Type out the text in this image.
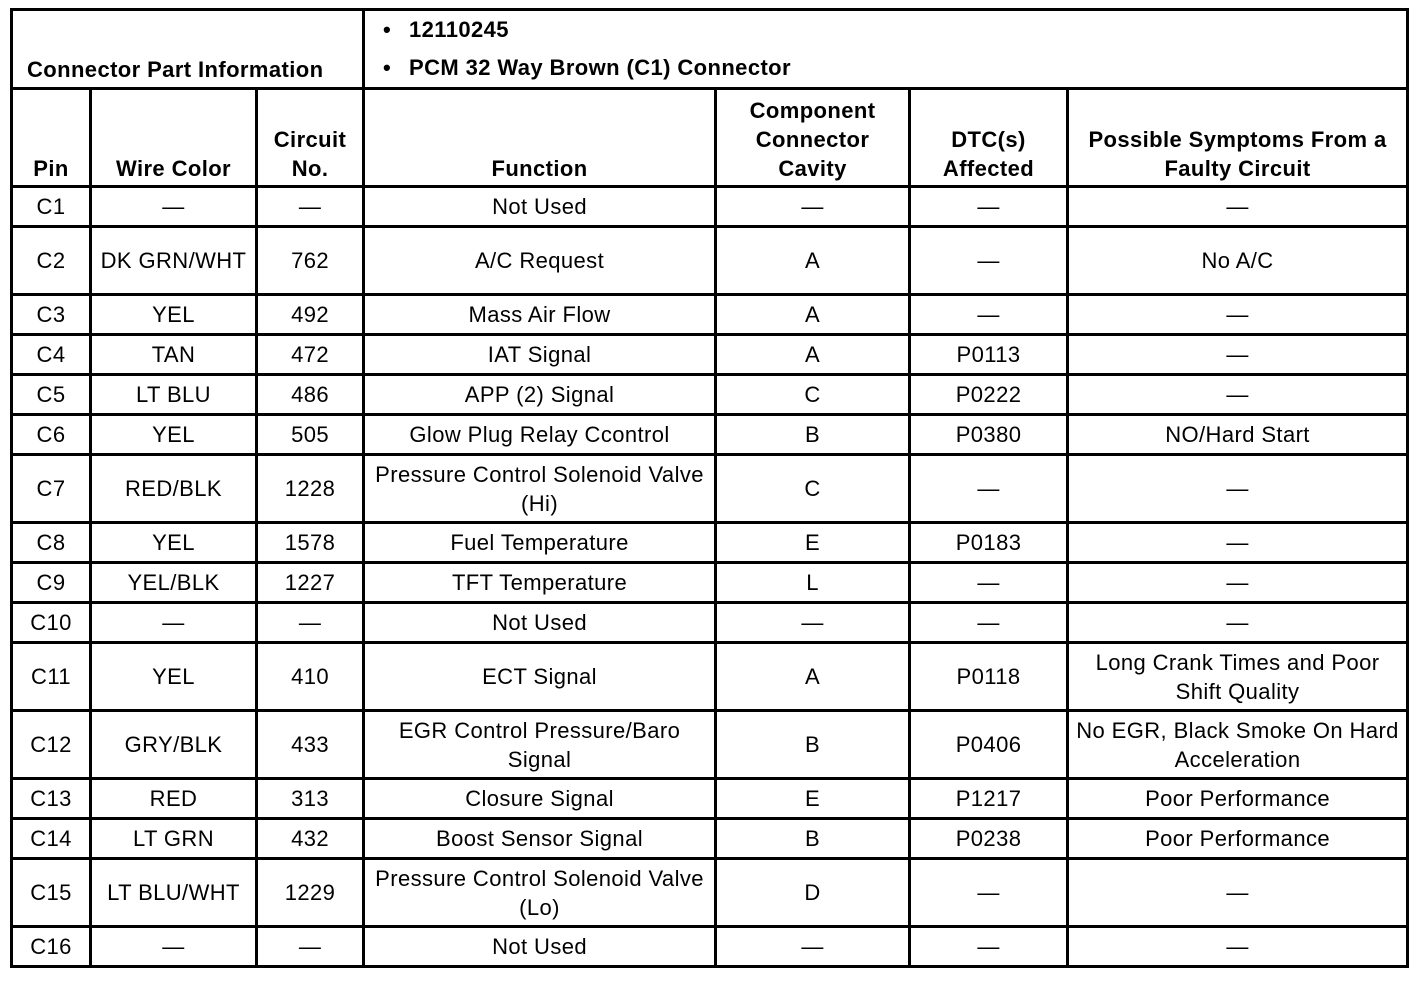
Connector Part Information			• 12110245
• PCM 32 Way Brown (C1) Connector			

Pin	Wire Color	Circuit No.	Function	Component Connector Cavity	DTC(s) Affected	Possible Symptoms From a Faulty Circuit
C1	—	—	Not Used	—	—	—
C2	DK GRN/WHT	762	A/C Request	A	—	No A/C
C3	YEL	492	Mass Air Flow	A	—	—
C4	TAN	472	IAT Signal	A	P0113	—
C5	LT BLU	486	APP (2) Signal	C	P0222	—
C6	YEL	505	Glow Plug Relay Ccontrol	B	P0380	NO/Hard Start
C7	RED/BLK	1228	Pressure Control Solenoid Valve (Hi)	C	—	—
C8	YEL	1578	Fuel Temperature	E	P0183	—
C9	YEL/BLK	1227	TFT Temperature	L	—	—
C10	—	—	Not Used	—	—	—
C11	YEL	410	ECT Signal	A	P0118	Long Crank Times and Poor Shift Quality
C12	GRY/BLK	433	EGR Control Pressure/Baro Signal	B	P0406	No EGR, Black Smoke On Hard Acceleration
C13	RED	313	Closure Signal	E	P1217	Poor Performance
C14	LT GRN	432	Boost Sensor Signal	B	P0238	Poor Performance
C15	LT BLU/WHT	1229	Pressure Control Solenoid Valve (Lo)	D	—	—
C16	—	—	Not Used	—	—	—
